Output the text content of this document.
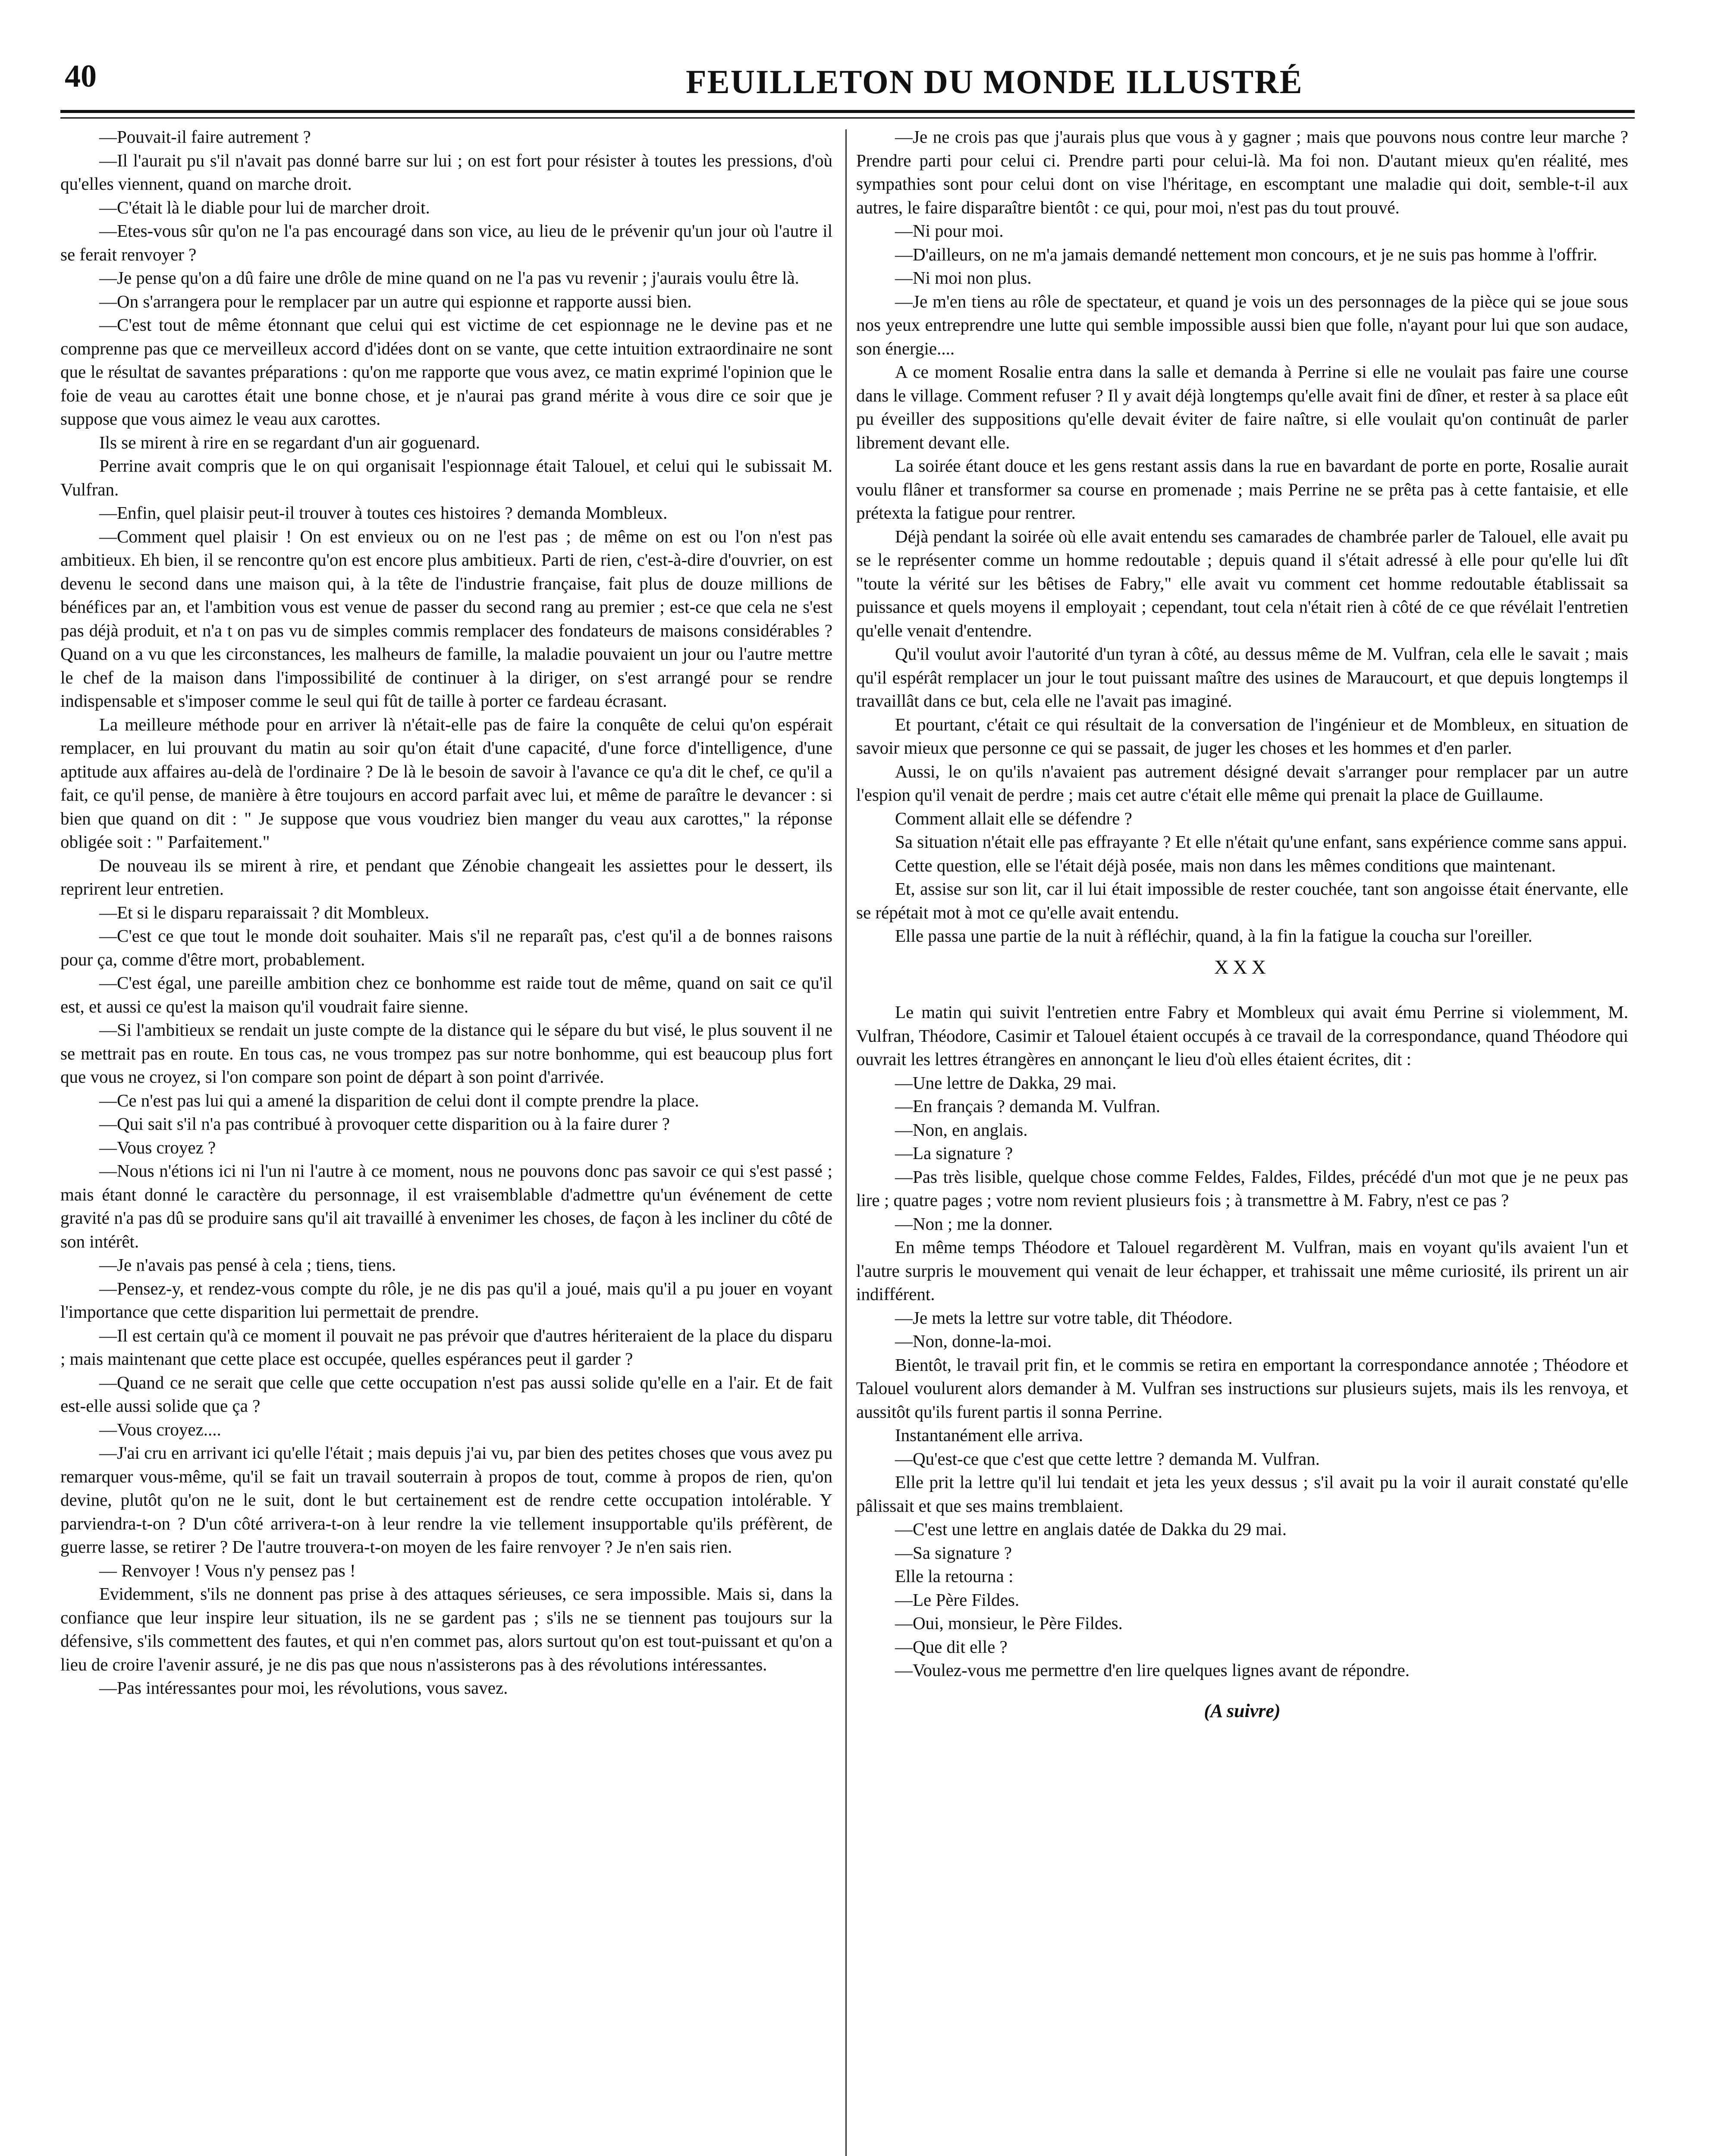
40	FEUILLETON DU MONDE ILLUSTRÉ

—Pouvait-il faire autrement ?

—Il l'aurait pu s'il n'avait pas donné barre sur lui ; on est fort pour résister à toutes les pressions, d'où qu'elles viennent, quand on marche droit.

—C'était là le diable pour lui de marcher droit.

—Etes-vous sûr qu'on ne l'a pas encouragé dans son vice, au lieu de le prévenir qu'un jour où l'autre il se ferait renvoyer ?

—Je pense qu'on a dû faire une drôle de mine quand on ne l'a pas vu revenir ; j'aurais voulu être là.

—On s'arrangera pour le remplacer par un autre qui espionne et rapporte aussi bien.

—C'est tout de même étonnant que celui qui est victime de cet espionnage ne le devine pas et ne comprenne pas que ce merveilleux accord d'idées dont on se vante, que cette intuition extraordinaire ne sont que le résultat de savantes préparations : qu'on me rapporte que vous avez, ce matin exprimé l'opinion que le foie de veau au carottes était une bonne chose, et je n'aurai pas grand mérite à vous dire ce soir que je suppose que vous aimez le veau aux carottes.

Ils se mirent à rire en se regardant d'un air goguenard.

Perrine avait compris que le on qui organisait l'espionnage était Talouel, et celui qui le subissait M. Vulfran.

—Enfin, quel plaisir peut-il trouver à toutes ces histoires ? demanda Mombleux.

—Comment quel plaisir ! On est envieux ou on ne l'est pas ; de même on est ou l'on n'est pas ambitieux. Eh bien, il se rencontre qu'on est encore plus ambitieux. Parti de rien, c'est-à-dire d'ouvrier, on est devenu le second dans une maison qui, à la tête de l'industrie française, fait plus de douze millions de bénéfices par an, et l'ambition vous est venue de passer du second rang au premier ; est-ce que cela ne s'est pas déjà produit, et n'a t on pas vu de simples commis remplacer des fondateurs de maisons considérables ? Quand on a vu que les circonstances, les malheurs de famille, la maladie pouvaient un jour ou l'autre mettre le chef de la maison dans l'impossibilité de continuer à la diriger, on s'est arrangé pour se rendre indispensable et s'imposer comme le seul qui fût de taille à porter ce fardeau écrasant.

La meilleure méthode pour en arriver là n'était-elle pas de faire la conquête de celui qu'on espérait remplacer, en lui prouvant du matin au soir qu'on était d'une capacité, d'une force d'intelligence, d'une aptitude aux affaires au-delà de l'ordinaire ? De là le besoin de savoir à l'avance ce qu'a dit le chef, ce qu'il a fait, ce qu'il pense, de manière à être toujours en accord parfait avec lui, et même de paraître le devancer : si bien que quand on dit : " Je suppose que vous voudriez bien manger du veau aux carottes," la réponse obligée soit : " Parfaitement."

De nouveau ils se mirent à rire, et pendant que Zénobie changeait les assiettes pour le dessert, ils reprirent leur entretien.

—Et si le disparu reparaissait ? dit Mombleux.

—C'est ce que tout le monde doit souhaiter. Mais s'il ne reparaît pas, c'est qu'il a de bonnes raisons pour ça, comme d'être mort, probablement.

—C'est égal, une pareille ambition chez ce bonhomme est raide tout de même, quand on sait ce qu'il est, et aussi ce qu'est la maison qu'il voudrait faire sienne.

—Si l'ambitieux se rendait un juste compte de la distance qui le sépare du but visé, le plus souvent il ne se mettrait pas en route. En tous cas, ne vous trompez pas sur notre bonhomme, qui est beaucoup plus fort que vous ne croyez, si l'on compare son point de départ à son point d'arrivée.

—Ce n'est pas lui qui a amené la disparition de celui dont il compte prendre la place.

—Qui sait s'il n'a pas contribué à provoquer cette disparition ou à la faire durer ?

—Vous croyez ?

—Nous n'étions ici ni l'un ni l'autre à ce moment, nous ne pouvons donc pas savoir ce qui s'est passé ; mais étant donné le caractère du personnage, il est vraisemblable d'admettre qu'un événement de cette gravité n'a pas dû se produire sans qu'il ait travaillé à envenimer les choses, de façon à les incliner du côté de son intérêt.

—Je n'avais pas pensé à cela ; tiens, tiens.

—Pensez-y, et rendez-vous compte du rôle, je ne dis pas qu'il a joué, mais qu'il a pu jouer en voyant l'importance que cette disparition lui permettait de prendre.

—Il est certain qu'à ce moment il pouvait ne pas prévoir que d'autres hériteraient de la place du disparu ; mais maintenant que cette place est occupée, quelles espérances peut il garder ?

—Quand ce ne serait que celle que cette occupation n'est pas aussi solide qu'elle en a l'air. Et de fait est-elle aussi solide que ça ?

—Vous croyez....

—J'ai cru en arrivant ici qu'elle l'était ; mais depuis j'ai vu, par bien des petites choses que vous avez pu remarquer vous-même, qu'il se fait un travail souterrain à propos de tout, comme à propos de rien, qu'on devine, plutôt qu'on ne le suit, dont le but certainement est de rendre cette occupation intolérable. Y parviendra-t-on ? D'un côté arrivera-t-on à leur rendre la vie tellement insupportable qu'ils préfèrent, de guerre lasse, se retirer ? De l'autre trouvera-t-on moyen de les faire renvoyer ? Je n'en sais rien.

— Renvoyer ! Vous n'y pensez pas !

Evidemment, s'ils ne donnent pas prise à des attaques sérieuses, ce sera impossible. Mais si, dans la confiance que leur inspire leur situation, ils ne se gardent pas ; s'ils ne se tiennent pas toujours sur la défensive, s'ils commettent des fautes, et qui n'en commet pas, alors surtout qu'on est tout-puissant et qu'on a lieu de croire l'avenir assuré, je ne dis pas que nous n'assisterons pas à des révolutions intéressantes.

—Pas intéressantes pour moi, les révolutions, vous savez.

—Je ne crois pas que j'aurais plus que vous à y gagner ; mais que pouvons nous contre leur marche ? Prendre parti pour celui ci. Prendre parti pour celui-là. Ma foi non. D'autant mieux qu'en réalité, mes sympathies sont pour celui dont on vise l'héritage, en escomptant une maladie qui doit, semble-t-il aux autres, le faire disparaître bientôt : ce qui, pour moi, n'est pas du tout prouvé.

—Ni pour moi.

—D'ailleurs, on ne m'a jamais demandé nettement mon concours, et je ne suis pas homme à l'offrir.

—Ni moi non plus.

—Je m'en tiens au rôle de spectateur, et quand je vois un des personnages de la pièce qui se joue sous nos yeux entreprendre une lutte qui semble impossible aussi bien que folle, n'ayant pour lui que son audace, son énergie....

A ce moment Rosalie entra dans la salle et demanda à Perrine si elle ne voulait pas faire une course dans le village. Comment refuser ? Il y avait déjà longtemps qu'elle avait fini de dîner, et rester à sa place eût pu éveiller des suppositions qu'elle devait éviter de faire naître, si elle voulait qu'on continuât de parler librement devant elle.

La soirée étant douce et les gens restant assis dans la rue en bavardant de porte en porte, Rosalie aurait voulu flâner et transformer sa course en promenade ; mais Perrine ne se prêta pas à cette fantaisie, et elle prétexta la fatigue pour rentrer.

Déjà pendant la soirée où elle avait entendu ses camarades de chambrée parler de Talouel, elle avait pu se le représenter comme un homme redoutable ; depuis quand il s'était adressé à elle pour qu'elle lui dît "toute la vérité sur les bêtises de Fabry," elle avait vu comment cet homme redoutable établissait sa puissance et quels moyens il employait ; cependant, tout cela n'était rien à côté de ce que révélait l'entretien qu'elle venait d'entendre.

Qu'il voulut avoir l'autorité d'un tyran à côté, au dessus même de M. Vulfran, cela elle le savait ; mais qu'il espérât remplacer un jour le tout puissant maître des usines de Maraucourt, et que depuis longtemps il travaillât dans ce but, cela elle ne l'avait pas imaginé.

Et pourtant, c'était ce qui résultait de la conversation de l'ingénieur et de Mombleux, en situation de savoir mieux que personne ce qui se passait, de juger les choses et les hommes et d'en parler.

Aussi, le on qu'ils n'avaient pas autrement désigné devait s'arranger pour remplacer par un autre l'espion qu'il venait de perdre ; mais cet autre c'était elle même qui prenait la place de Guillaume.

Comment allait elle se défendre ?

Sa situation n'était elle pas effrayante ? Et elle n'était qu'une enfant, sans expérience comme sans appui.

Cette question, elle se l'était déjà posée, mais non dans les mêmes conditions que maintenant.

Et, assise sur son lit, car il lui était impossible de rester couchée, tant son angoisse était énervante, elle se répétait mot à mot ce qu'elle avait entendu.

Elle passa une partie de la nuit à réfléchir, quand, à la fin la fatigue la coucha sur l'oreiller.

XXX

Le matin qui suivit l'entretien entre Fabry et Mombleux qui avait ému Perrine si violemment, M. Vulfran, Théodore, Casimir et Talouel étaient occupés à ce travail de la correspondance, quand Théodore qui ouvrait les lettres étrangères en annonçant le lieu d'où elles étaient écrites, dit :

—Une lettre de Dakka, 29 mai.

—En français ? demanda M. Vulfran.

—Non, en anglais.

—La signature ?

—Pas très lisible, quelque chose comme Feldes, Faldes, Fildes, précédé d'un mot que je ne peux pas lire ; quatre pages ; votre nom revient plusieurs fois ; à transmettre à M. Fabry, n'est ce pas ?

—Non ; me la donner.

En même temps Théodore et Talouel regardèrent M. Vulfran, mais en voyant qu'ils avaient l'un et l'autre surpris le mouvement qui venait de leur échapper, et trahissait une même curiosité, ils prirent un air indifférent.

—Je mets la lettre sur votre table, dit Théodore.

—Non, donne-la-moi.

Bientôt, le travail prit fin, et le commis se retira en emportant la correspondance annotée ; Théodore et Talouel voulurent alors demander à M. Vulfran ses instructions sur plusieurs sujets, mais ils les renvoya, et aussitôt qu'ils furent partis il sonna Perrine.

Instantanément elle arriva.

—Qu'est-ce que c'est que cette lettre ? demanda M. Vulfran.

Elle prit la lettre qu'il lui tendait et jeta les yeux dessus ; s'il avait pu la voir il aurait constaté qu'elle pâlissait et que ses mains tremblaient.

—C'est une lettre en anglais datée de Dakka du 29 mai.

—Sa signature ?

Elle la retourna :

—Le Père Fildes.

—Oui, monsieur, le Père Fildes.

—Que dit elle ?

—Voulez-vous me permettre d'en lire quelques lignes avant de répondre.

(A suivre)
